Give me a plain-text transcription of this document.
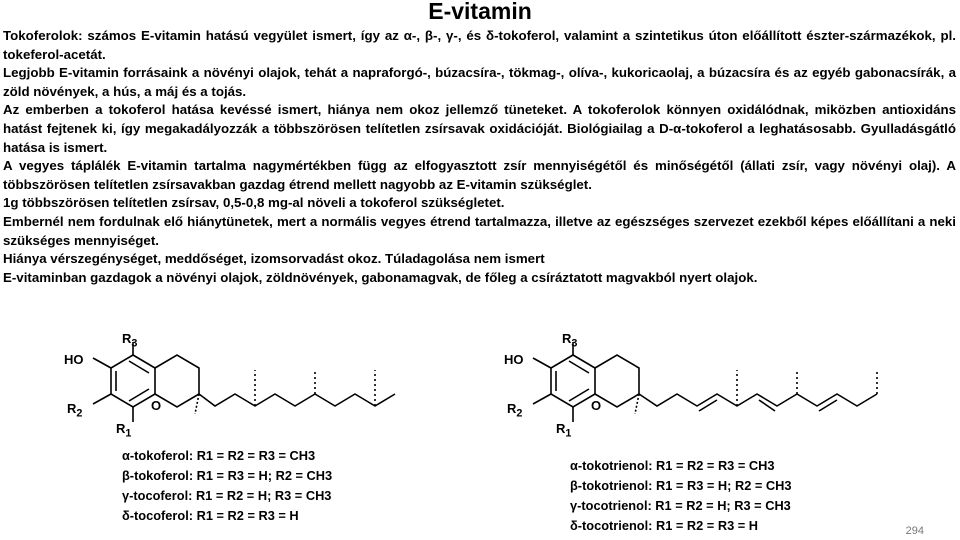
E-vitamin

Tokoferolok: számos E-vitamin hatású vegyület ismert, így az α-, β-, γ-, és δ-tokoferol, valamint a szintetikus úton előállított észter-származékok, pl. tokeferol-acetát.

Legjobb E-vitamin forrásaink a növényi olajok, tehát a napraforgó-, búzacsíra-, tökmag-, olíva-, kukoricaolaj, a búzacsíra és az egyéb gabonacsírák, a zöld növények, a hús, a máj és a tojás.

Az emberben a tokoferol hatása kevéssé ismert, hiánya nem okoz jellemző tüneteket. A tokoferolok könnyen oxidálódnak, miközben antioxidáns hatást fejtenek ki, így megakadályozzák a többszörösen telítetlen zsírsavak oxidációját. Biológiailag a D-α-tokoferol a leghatásosabb. Gyulladásgátló hatása is ismert.

A vegyes táplálék E-vitamin tartalma nagymértékben függ az elfogyasztott zsír mennyiségétől és minőségétől (állati zsír, vagy növényi olaj). A többszörösen telítetlen zsírsavakban gazdag étrend mellett nagyobb az E-vitamin szükséglet.

1g többszörösen telítetlen zsírsav, 0,5-0,8 mg-al növeli a tokoferol szükségletet.

Embernél nem fordulnak elő hiánytünetek, mert a normális vegyes étrend tartalmazza, illetve az egészséges szervezet ezekből képes előállítani a neki szükséges mennyiséget.

Hiánya vérszegénységet, meddőséget, izomsorvadást okoz. Túladagolása nem ismert

E-vitaminban gazdagok a növényi olajok, zöldnövények, gabonamagvak, de főleg a csíráztatott magvakból nyert olajok.

HO
$R_3$
$R_2$
$R_1$
O
HO
$R_3$
$R_2$
$R_1$
O
α-tokoferol: R1 = R2 = R3 = CH3
β-tokoferol: R1 = R3 = H; R2 = CH3
γ-tocoferol: R1 = R2 = H; R3 = CH3
δ-tocoferol: R1 = R2 = R3 = H
α-tokotrienol: R1 = R2 = R3 = CH3
β-tokotrienol: R1 = R3 = H; R2 = CH3
γ-tocotrienol: R1 = R2 = H; R3 = CH3
δ-tocotrienol: R1 = R2 = R3 = H	294
